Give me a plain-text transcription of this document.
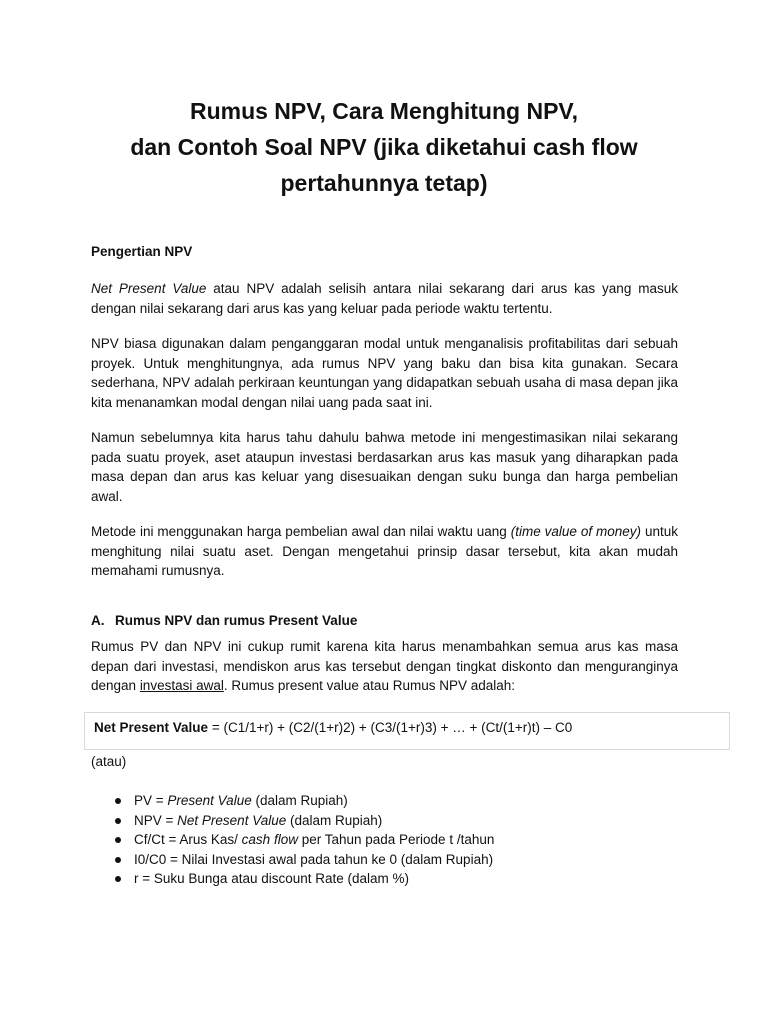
Rumus NPV, Cara Menghitung NPV,
dan Contoh Soal NPV (jika diketahui cash flow
pertahunnya tetap)
Pengertian NPV
Net Present Value atau NPV adalah selisih antara nilai sekarang dari arus kas yang masuk dengan nilai sekarang dari arus kas yang keluar pada periode waktu tertentu.
NPV biasa digunakan dalam penganggaran modal untuk menganalisis profitabilitas dari sebuah proyek. Untuk menghitungnya, ada rumus NPV yang baku dan bisa kita gunakan. Secara sederhana, NPV adalah perkiraan keuntungan yang didapatkan sebuah usaha di masa depan jika kita menanamkan modal dengan nilai uang pada saat ini.
Namun sebelumnya kita harus tahu dahulu bahwa metode ini mengestimasikan nilai sekarang pada suatu proyek, aset ataupun investasi berdasarkan arus kas masuk yang diharapkan pada masa depan dan arus kas keluar yang disesuaikan dengan suku bunga dan harga pembelian awal.
Metode ini menggunakan harga pembelian awal dan nilai waktu uang (time value of money) untuk menghitung nilai suatu aset. Dengan mengetahui prinsip dasar tersebut, kita akan mudah memahami rumusnya.
A. Rumus NPV dan rumus Present Value
Rumus PV dan NPV ini cukup rumit karena kita harus menambahkan semua arus kas masa depan dari investasi, mendiskon arus kas tersebut dengan tingkat diskonto dan menguranginya dengan investasi awal. Rumus present value atau Rumus NPV adalah:
Net Present Value = (C1/1+r) + (C2/(1+r)2) + (C3/(1+r)3) + … + (Ct/(1+r)t) – C0
(atau)
PV = Present Value (dalam Rupiah)
NPV = Net Present Value (dalam Rupiah)
Cf/Ct = Arus Kas/ cash flow per Tahun pada Periode t /tahun
I0/C0 = Nilai Investasi awal pada tahun ke 0 (dalam Rupiah)
r = Suku Bunga atau discount Rate (dalam %)
